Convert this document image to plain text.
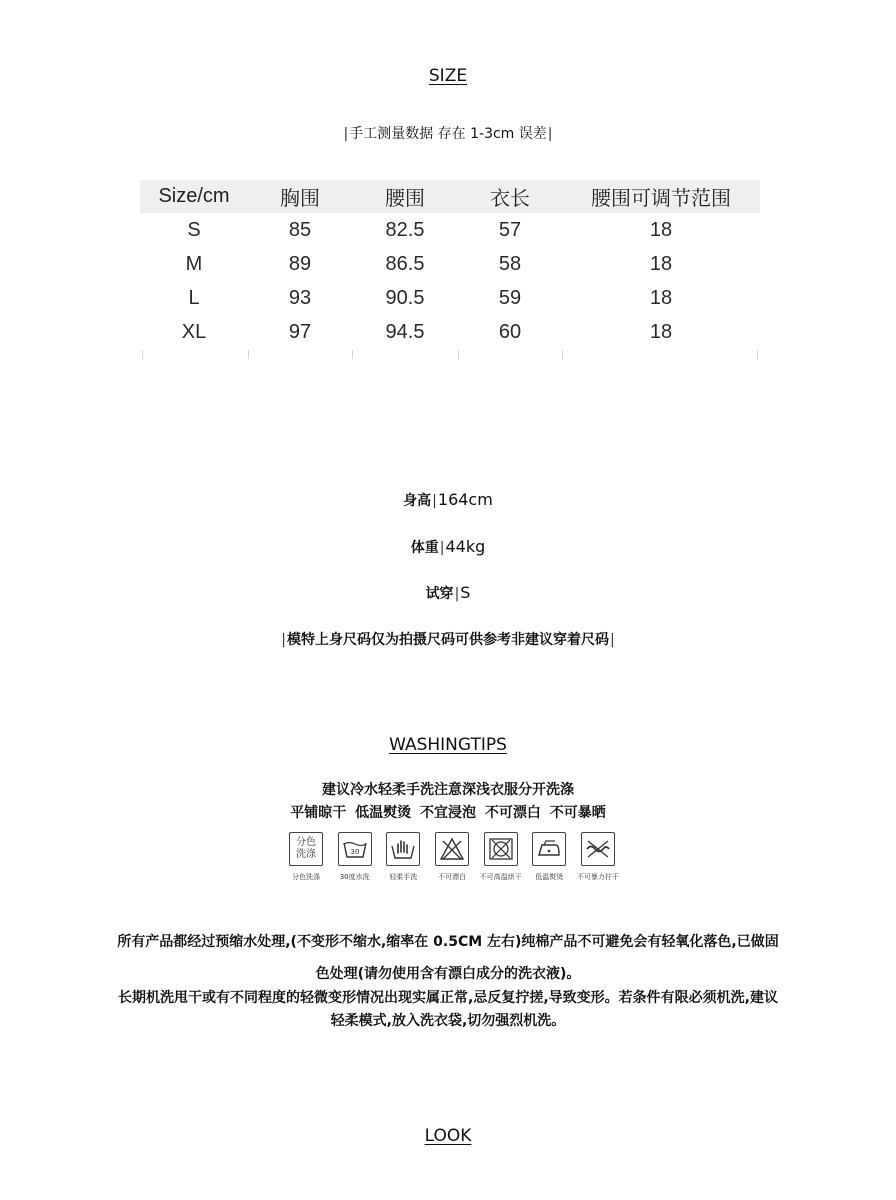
SIZE
|手工测量数据 存在 1-3cm 误差|
Size/cm	胸围	腰围	衣长	腰围可调节范围
S	85	82.5	57	18
M	89	86.5	58	18
L	93	90.5	59	18
XL	97	94.5	60	18
身高|164cm
体重|44kg
试穿|S
|模特上身尺码仅为拍摄尺码可供参考非建议穿着尺码|
WASHINGTIPS
建议冷水轻柔手洗注意深浅衣服分开洗涤
平铺晾干 低温熨烫 不宜浸泡 不可漂白 不可暴晒
分色
洗涤
分色洗涤
30
30度水洗	轻柔手洗	不可漂白 不可高温烘干 低温熨烫 不可暴力拧干
所有产品都经过预缩水处理,(不变形不缩水,缩率在 0.5CM 左右)纯棉产品不可避免会有轻氧化落色,已做固
色处理(请勿使用含有漂白成分的洗衣液)。
长期机洗甩干或有不同程度的轻微变形情况出现实属正常,忌反复拧搓,导致变形。若条件有限必须机洗,建议
轻柔模式,放入洗衣袋,切勿强烈机洗。
LOOK
